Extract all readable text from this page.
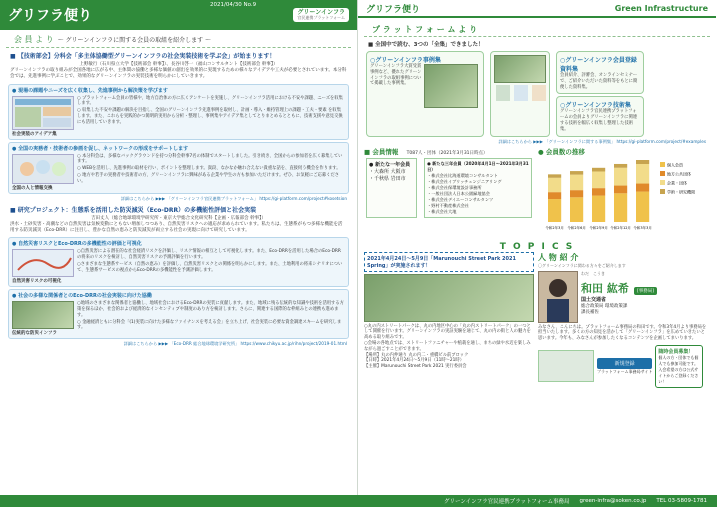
グリフラ便り
2021/04/30 No.9
グリーンインフラ
官民連携プラットフォーム
会 員 よ り ～ グリーンインフラに関する会員の取組を紹介します ～
■ 【技術部会】分科会「多主体協働型グリーンインフラの社会実装技術を学ぶ会」が始まります！
上野敏行（石川県立大学【技術部会 幹事】）、長谷川啓一（福山コンサルタント【技術部会 幹事】）
グリーンインフラの取り組みが全国各地に広がる中、主体間の協働と多様な価値の創出を効果的に実現するための様々なアイデアや工夫が必要とされています。本分科会では、先進事例に学ぶことで、効果的なグリーンインフラの実装技術を明らかにしていきます。
● 現場の課題やニーズを広く収集し、先進事例から解決策を学びます
社会実装のアイデア集
○ プラットフォーム会員の皆様や、地方自治体の方に広くアンケートを実施し、グリーンインフラ活用における不安や課題、ニーズを収集します。
○ 収集した不安や課題の解決を目指し、全国のグリーンインフラ先進事例を取材し、計画・導入・維持管理上の課題・工夫・要素 を収集します。また、これらを実践的かつ簡明的実用から分析・整理し、事例集やアイデア集としてとりまとめるとともに、技術支援や意見交換にも活用していきます。
● 全国の実務者・技術者の参画を促し、ネットワークの形成をサポートします
全国の人と情報交換
○ 本分科会は、多様なバックグラウンドを持つ分科会幹事7名の体制でスタートしました。引き続き、全国からの参加者を広く募集しています。
○ WEBを活用し、先進事例の取材を行い、ポイントを整理します。貴段、なかなか触れ合えない貴重な話を、直接伺う機会を作ります。
○ 地方や若手の実務者や技術者の方、グリーンインフラに興味がある企業や学生の方も参加いただけます。ぜひ、お気軽にご応募ください。
詳細はこちらから ▶▶▶ 「グリーンインフラ官民連携プラットフォーム」 https://gi-platform.com/project#kosetsion
■ 研究プロジェクト：生態系を活用した防災減災（Eco-DRR）の多機能性評価と社会実装
吉田丈人（総合地球環境学研究所・東京大学総合文化研究科【企画・広報部会 幹事】）
洪水・土砂災害・高潮などの自然災害は気候変動にともない増加しつつあり、自然災害リスクへの適応が求められています。私たちは、生態系がもつ多様な機能を活用する防災減災（Eco-DRR）に注目し、豊かな自然の恵みと防災減災が両立する社会の実現に向けて研究しています。
● 自然災害リスクとEco-DRRの多機能性の評価と可視化
自然災害リスクの可視化
○自然災害による潜在的な社会経済リスクを評価し、リスク情報の相互として可視化します。また、Eco-DRRを活用した場合のEco-DRRの将来のリスクを検討し、自然災害リスクの予測評価を行います。
○さまざまな生態系サービス（自然の恵み）を評価し、自然災害リスクとの関係を明らかにします。また、土地利用の将来シナリオについて、生態系サービスの視点からEco-DRRの多機能性を予測評価します。
● 社会の多様な関係者とのEco-DRRの社会実装に向けた協働
伝統的な防災インフラ
○地域のさまざまな関係者と協働し、地域社会におけるEco-DRRの実装に貢献します。また、地域に残る伝統的な知識や技術を活用する方策を探るほか、社会的および経済的なインセンティブや制度のあり方を検討します。さらに、関連する国際的な枠組みとの連携も進めます。
○ 金融経済ともに分科会「(1)実装に向けた多様なファイナンスを考える会」を立ち上げ、社会実装に必要な資金調達スキームを研究します。
詳細はこちらから ▶▶▶ 「Eco-DRR 総合地球環境学研究所」 https://www.chikyu.ac.jp/rihn/project/2019-01.html
グリフラ便り	Green Infrastructure
プ ラ ッ ト フ ォ ー ム よ り
■ 全国中で読む、3つの「全集」できました！
○グリーンインフラ事例集
グリーンインフラ大賞受賞事例など、優れたグリーンインフラの取組事例について掲載した事例集。
○グリーンインフラ会員登録資料集
会員紹介、評審会、オンラインセミナーで、ご紹介いただいた資料等をもとに簡便した資料集。
○グリーンインフラ技術集
グリーンインフラ官民連携プラットフォームの会員よりグリーンインフラに関連する技術を幅広く収集し整理した技術集。
詳細はこちらから ▶▶▶ 「グリーンインフラに関する事例集」 https://gi-platform.com/project/#examples
■ 会員情報 T087人・団体（2021年3月31日時点）
● 新たな一年会員
・大森所 大阪市
・千秋県 岩田市
● 新たな三年会員（2020年4月1日〜2021年3月31日）
・株式会社比海道環境コンサルタント
・株式会社イブリッチェンジニアリング
・株式会社保環境設計事務所
・一般社団法人日本公園緑地協会
・株式会社デイエーコンサルタンツ
・野村不動産株式会社
・株式会社大地
● 会員数の推移
令和2年3月 令和2年6月 令和2年9月 令和2年12月 令和3年3月
個人会員
地方公共団体
企業・団体
学術・研究機関
T O P I C S
2021年4月24日～5月9日「Marunouchi Street Park 2021 Spring」が実施されます！
○丸の内ストリートパークは、丸の内地区中心の「丸の内ストリートパーク」の一つとして開催を行います。グリーンインフラの実証実験を通じて、丸の内の街と人の魅力を高める取り組みです。
○会場の各地点では、ストリートファニチャーや植栽を通し、まちの緑や水辺を楽しみながら過ごすことができます。
【場所】丸の内仲通り 丸の内二・重橋ビル前ブロック
【日時】2021年4月24日～5月9日（11時～21時）
【主催】Marunouchi Street Park 2021 実行委員会
人 物 紹 介
〇グリーンインフラに関わる方々をご紹介します
わだ　こうき
和田 紘希 [事務局]
国土交通省
総合政策局 環境政策課
課長補佐
みなさん、こんにちは。プラットフォーム事務局の和田です。令和3年4月より事務局を担当いたします。多くの方の知見を活かして「グリーンインフラ」を広めていきたいと思います。今年も、みなさんが参加したくなるコンテンツを企画してまいります。
新規登録
プラットフォーム事務局サイト
随時会員募集！
個人の方・団体でも個人でも参加可能です。入会希望の方は公式サイトからご登録ください！
グリーンインフラ官民連携プラットフォーム事務局 green-infra@soken.co.jp TEL 03-5809-1781
